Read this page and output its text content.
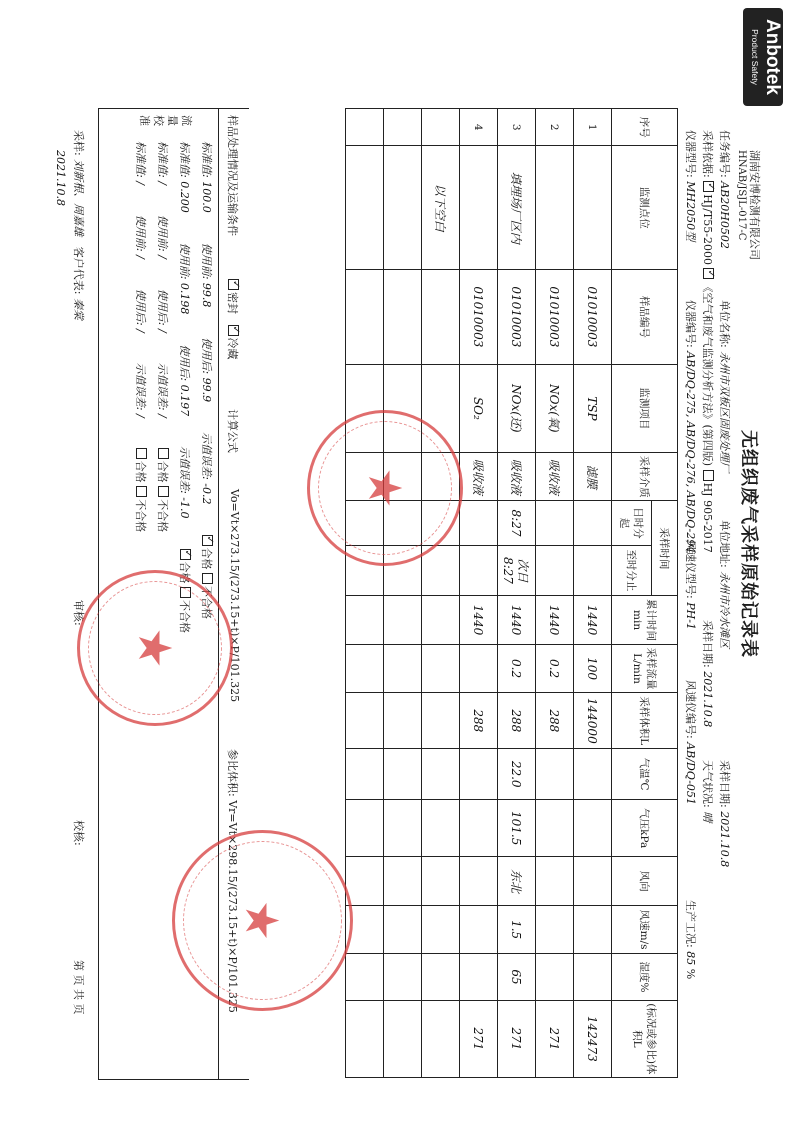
Anbotek
Product Safety
湖南安博检测有限公司
HNAB/JSJL-017-C
无组织废气采样原始记录表
任务编号: AB20H0502
单位名称: 永州市双板区固废处理厂
单位地址: 永州市冷水滩区
采样日期: 2021.10.8
采样依据: ✓HJ/T55-2000 ✓《空气和废气监测分析方法》(第四版) HJ 905-2017
天气状况: 晴
采样日期: 2021.10.8
仪器型号: MH2050型
仪器编号: AB/DQ-275, AB/DQ-276, AB/DQ-294
风速仪型号: PH-1
风速仪编号: AB/DQ-051
生产工况: 85 %
序号	监测点位	样品编号	监测项目	采样介质	采样时间		累计时间min	采样流量L/min	采样体积L	气温℃	气压kPa	风向	风速m/s	湿度%	(标况或参比)体积L
					日时分起	至时分止									
1		01010003	TSP	滤膜			1440	100	144000						142473
2		01010003	NOx(氧)	吸收液			1440	0.2	288						271
3	填埋场厂区内	01010003	NOx(还)	吸收液	8:27	次日8:27	1440	0.2	288	22.0	101.5	东北	1.5	65	271
4		01010003	SO₂	吸收液			1440		288						271
	以下空白														

样品处理情况及运输条件
✓密封   ✓冷藏
计算公式
Vo=Vt×273.15/(273.15+t)×P/101.325
参比体积: Vr=Vt×298.15/(273.15+t)×P/101.325
流量校准
标准值: 100.0
使用前: 99.8
使用后: 99.9
示值误差: -0.2
✓合格 不合格
标准值: 0.200
使用前: 0.198
使用后: 0.197
示值误差: -1.0
✓合格 不合格
标准值: /
使用前: /
使用后: /
示值误差: /
合格 不合格
标准值: /
使用前: /
使用后: /
示值误差: /
合格 不合格
采样: 刘新根、周嘉雄   客户代表: 秦棠
审核:
校核:
2021.10.8
第 页 共 页
★
★
★
